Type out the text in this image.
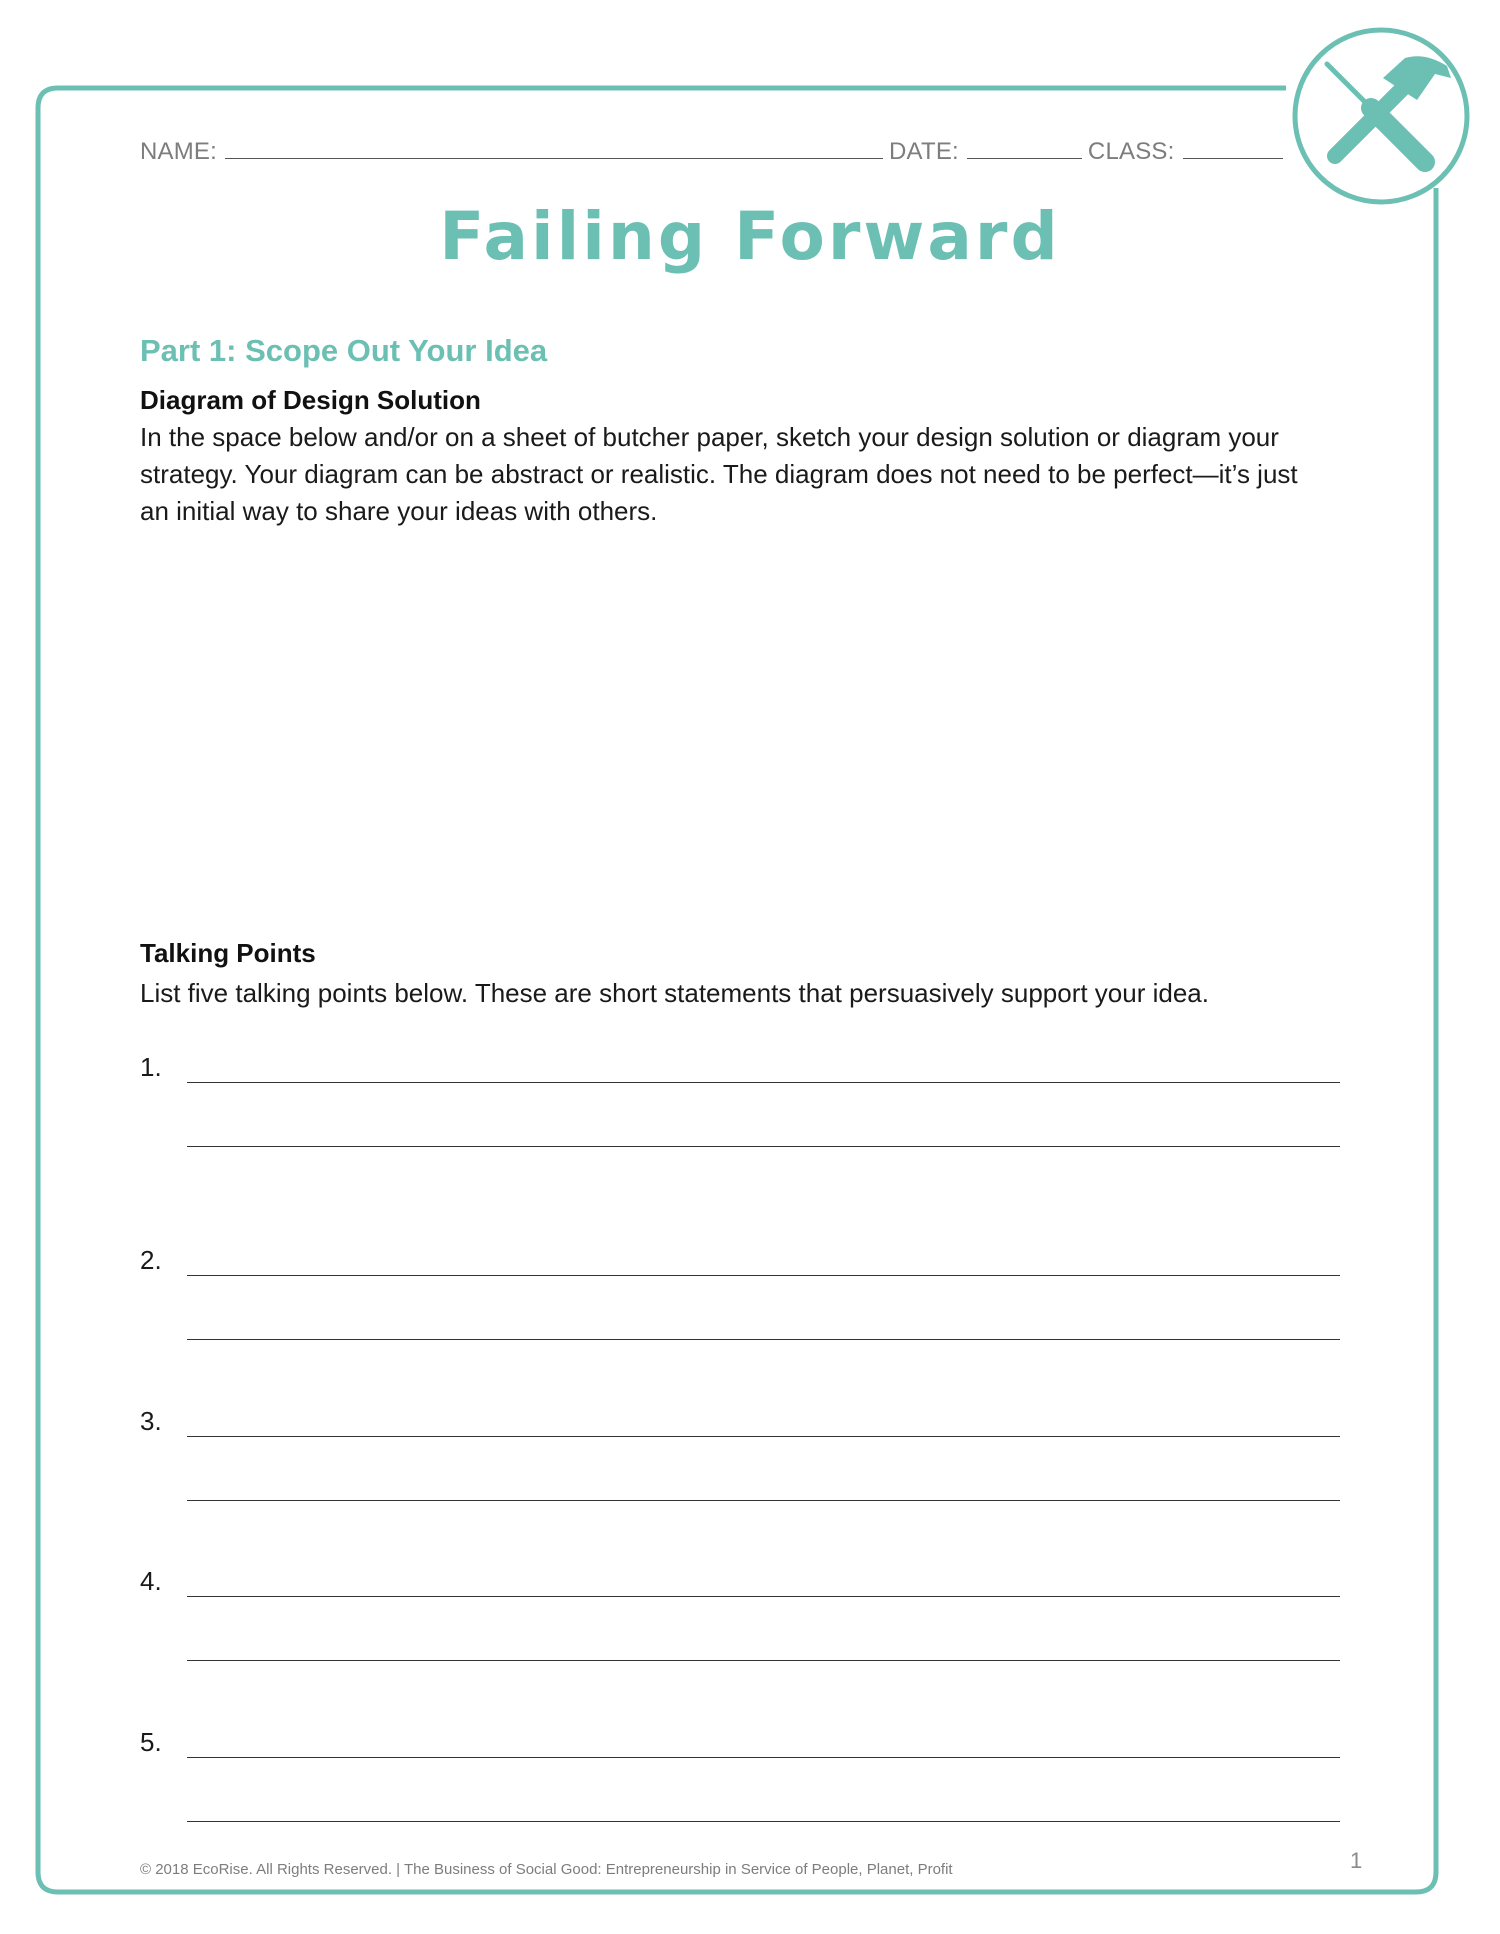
NAME:	DATE:	CLASS:
Failing Forward
Part 1: Scope Out Your Idea
Diagram of Design Solution
In the space below and/or on a sheet of butcher paper, sketch your design solution or diagram your
strategy. Your diagram can be abstract or realistic. The diagram does not need to be perfect—it’s just
an initial way to share your ideas with others.
Talking Points
List five talking points below. These are short statements that persuasively support your idea.
1.
2.
3.
4.
5.
© 2018 EcoRise. All Rights Reserved. | The Business of Social Good: Entrepreneurship in Service of People, Planet, Profit	1
